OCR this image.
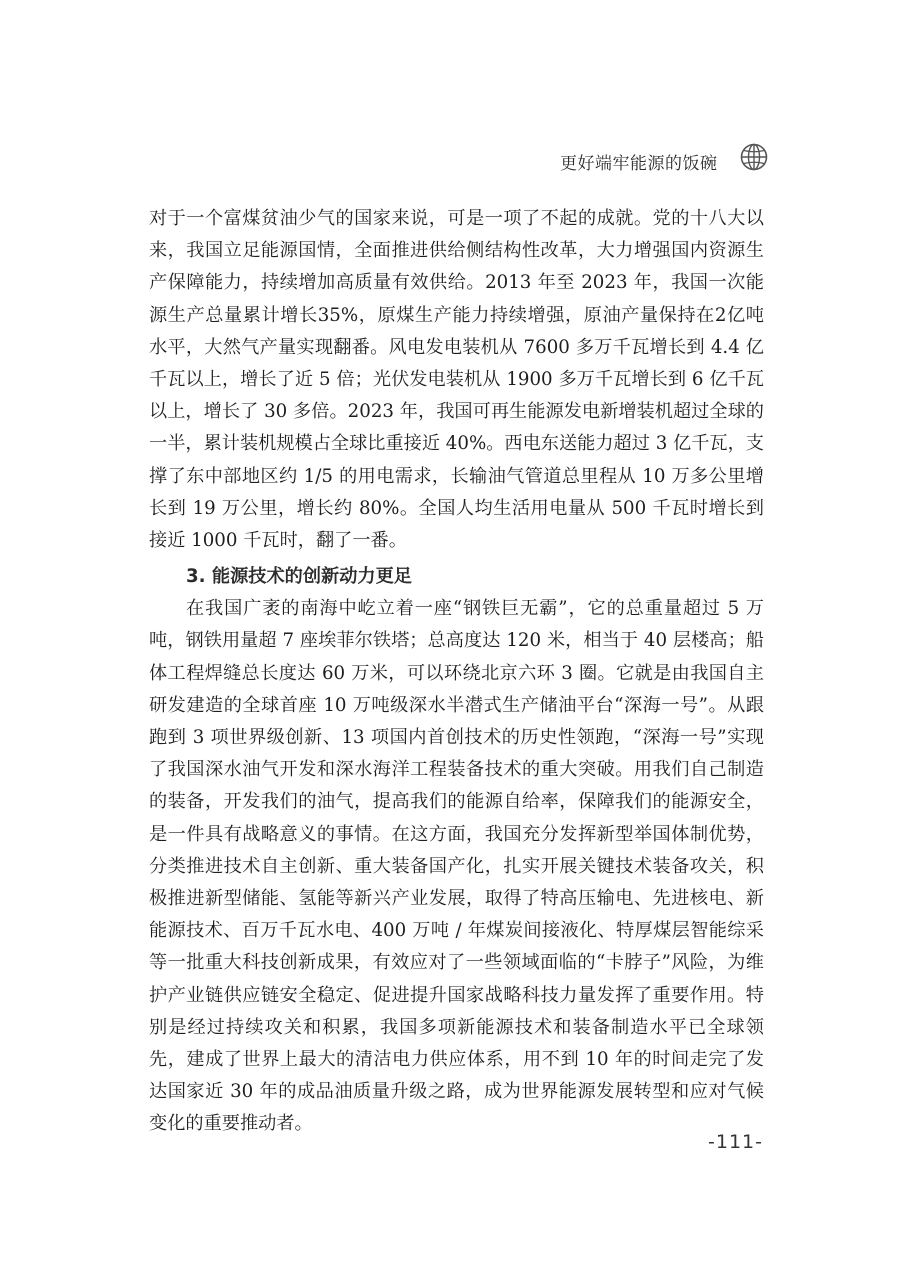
更好端牢能源的饭碗

对于一个富煤贫油少气的国家来说，可是一项了不起的成就。党的十八大以来，我国立足能源国情，全面推进供给侧结构性改革，大力增强国内资源生产保障能力，持续增加高质量有效供给。2013 年至 2023 年，我国一次能源生产总量累计增长35%，原煤生产能力持续增强，原油产量保持在2亿吨水平，大然气产量实现翻番。风电发电装机从 7600 多万千瓦增长到 4.4 亿千瓦以上，增长了近 5 倍；光伏发电装机从 1900 多万千瓦增长到 6 亿千瓦以上，增长了 30 多倍。2023 年，我国可再生能源发电新增装机超过全球的一半，累计装机规模占全球比重接近 40%。西电东送能力超过 3 亿千瓦，支撑了东中部地区约 1/5 的用电需求，长输油气管道总里程从 10 万多公里增长到 19 万公里，增长约 80%。全国人均生活用电量从 500 千瓦时增长到接近 1000 千瓦时，翻了一番。

3. 能源技术的创新动力更足

在我国广袤的南海中屹立着一座“钢铁巨无霸”，它的总重量超过 5 万吨，钢铁用量超 7 座埃菲尔铁塔；总高度达 120 米，相当于 40 层楼高；船体工程焊缝总长度达 60 万米，可以环绕北京六环 3 圈。它就是由我国自主研发建造的全球首座 10 万吨级深水半潜式生产储油平台“深海一号”。从跟跑到 3 项世界级创新、13 项国内首创技术的历史性领跑，“深海一号”实现了我国深水油气开发和深水海洋工程装备技术的重大突破。用我们自己制造的装备，开发我们的油气，提高我们的能源自给率，保障我们的能源安全，是一件具有战略意义的事情。在这方面，我国充分发挥新型举国体制优势，分类推进技术自主创新、重大装备国产化，扎实开展关键技术装备攻关，积极推进新型储能、氢能等新兴产业发展，取得了特高压输电、先进核电、新能源技术、百万千瓦水电、400 万吨 / 年煤炭间接液化、特厚煤层智能综采等一批重大科技创新成果，有效应对了一些领域面临的“卡脖子”风险，为维护产业链供应链安全稳定、促进提升国家战略科技力量发挥了重要作用。特别是经过持续攻关和积累，我国多项新能源技术和装备制造水平已全球领先，建成了世界上最大的清洁电力供应体系，用不到 10 年的时间走完了发达国家近 30 年的成品油质量升级之路，成为世界能源发展转型和应对气候变化的重要推动者。

-111-
